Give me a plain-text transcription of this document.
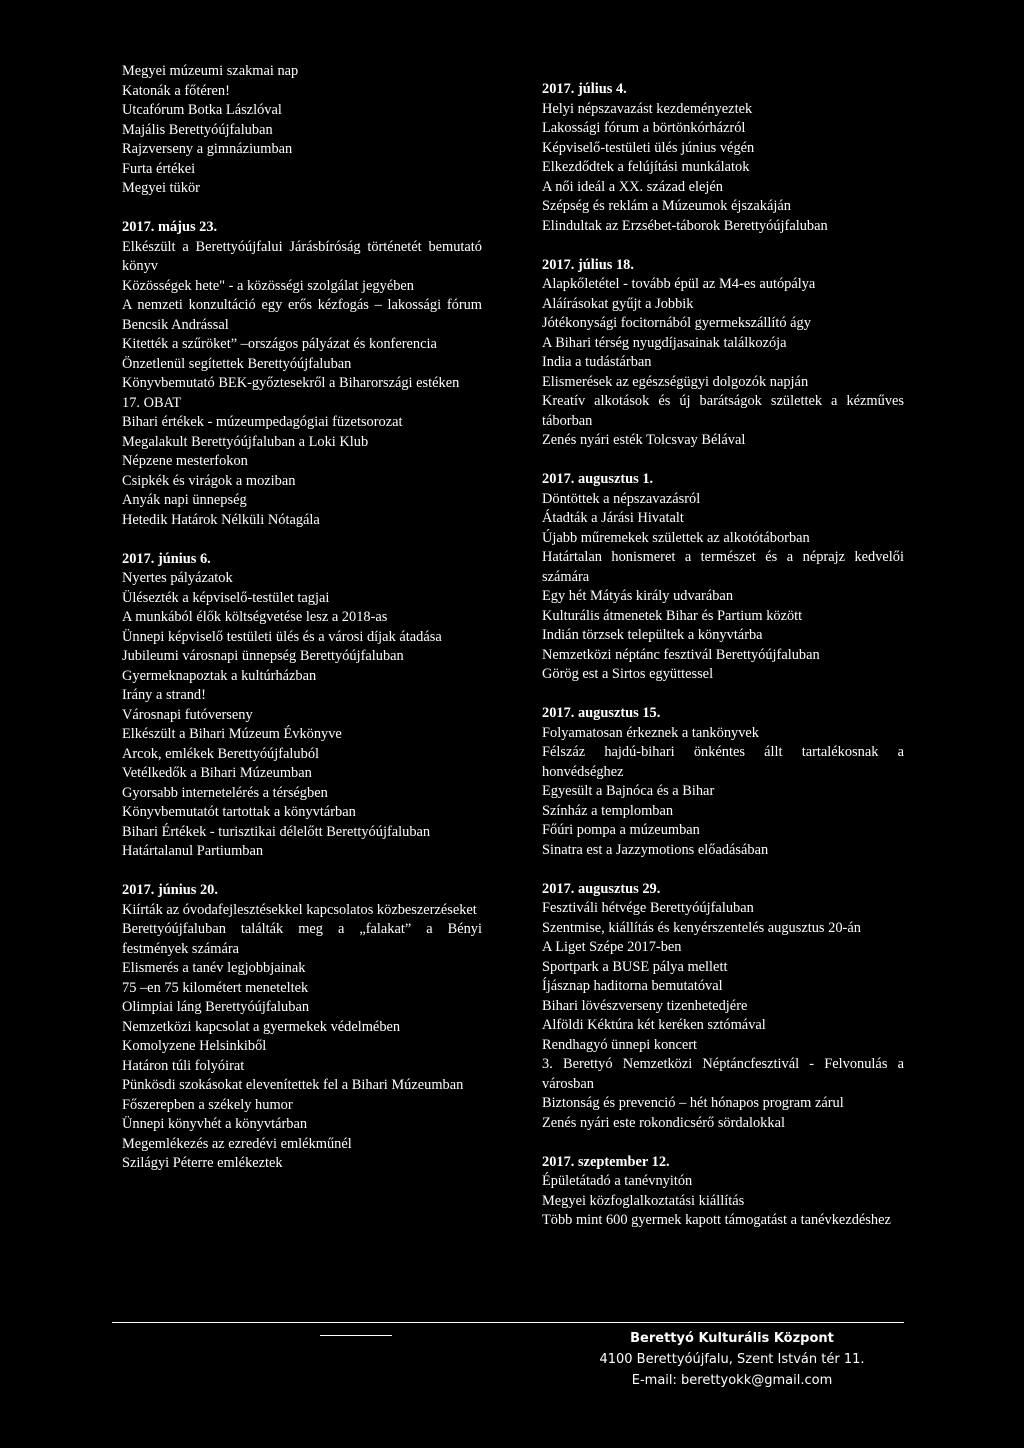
Megyei múzeumi szakmai nap
Katonák a főtéren!
Utcafórum Botka Lászlóval
Majális Berettyóújfaluban
Rajzverseny a gimnáziumban
Furta értékei
Megyei tükör
2017. május 23.
Elkészült a Berettyóújfalui Járásbíróság történetét bemutató könyv
Közösségek hete" - a közösségi szolgálat jegyében
A nemzeti konzultáció egy erős kézfogás – lakossági fórum Bencsik Andrással
Kitették a szűröket” –országos pályázat és konferencia
Önzetlenül segítettek Berettyóújfaluban
Könyvbemutató BEK-győztesekről a Biharországi estéken
17. OBAT
Bihari értékek - múzeumpedagógiai füzetsorozat
Megalakult Berettyóújfaluban a Loki Klub
Népzene mesterfokon
Csipkék és virágok a moziban
Anyák napi ünnepség
Hetedik Határok Nélküli Nótagála
2017. június 6.
Nyertes pályázatok
Ülésezték a képviselő-testület tagjai
A munkából élők költségvetése lesz a 2018-as
Ünnepi képviselő testületi ülés és a városi díjak átadása
Jubileumi városnapi ünnepség Berettyóújfaluban
Gyermeknapoztak a kultúrházban
Irány a strand!
Városnapi futóverseny
Elkészült a Bihari Múzeum Évkönyve
Arcok, emlékek Berettyóújfaluból
Vetélkedők a Bihari Múzeumban
Gyorsabb internetelérés a térségben
Könyvbemutatót tartottak a könyvtárban
Bihari Értékek - turisztikai délelőtt Berettyóújfaluban
Határtalanul Partiumban
2017. június 20.
Kiírták az óvodafejlesztésekkel kapcsolatos közbeszerzéseket
Berettyóújfaluban találták meg a „falakat” a Bényi festmények számára
Elismerés a tanév legjobbjainak
75 –en 75 kilométert meneteltek
Olimpiai láng Berettyóújfaluban
Nemzetközi kapcsolat a gyermekek védelmében
Komolyzene Helsinkiből
Határon túli folyóirat
Pünkösdi szokásokat elevenítettek fel a Bihari Múzeumban
Főszerepben a székely humor
Ünnepi könyvhét a könyvtárban
Megemlékezés az ezredévi emlékműnél
Szilágyi Péterre emlékeztek
2017. július 4.
Helyi népszavazást kezdeményeztek
Lakossági fórum a börtönkórházról
Képviselő-testületi ülés június végén
Elkezdődtek a felújítási munkálatok
A női ideál a XX. század elején
Szépség és reklám a Múzeumok éjszakáján
Elindultak az Erzsébet-táborok Berettyóújfaluban
2017. július 18.
Alapkőletétel - tovább épül az M4-es autópálya
Aláírásokat gyűjt a Jobbik
Jótékonysági focitornából gyermekszállító ágy
A Bihari térség nyugdíjasainak találkozója
India a tudástárban
Elismerések az egészségügyi dolgozók napján
Kreatív alkotások és új barátságok születtek a kézműves táborban
Zenés nyári esték Tolcsvay Bélával
2017. augusztus 1.
Döntöttek a népszavazásról
Átadták a Járási Hivatalt
Újabb műremekek születtek az alkotótáborban
Határtalan honismeret a természet és a néprajz kedvelői számára
Egy hét Mátyás király udvarában
Kulturális átmenetek Bihar és Partium között
Indián törzsek települtek a könyvtárba
Nemzetközi néptánc fesztivál Berettyóújfaluban
Görög est a Sirtos együttessel
2017. augusztus 15.
Folyamatosan érkeznek a tankönyvek
Félszáz hajdú-bihari önkéntes állt tartalékosnak a honvédséghez
Egyesült a Bajnócа és a Bihar
Színház a templomban
Főúri pompa a múzeumban
Sinatra est a Jazzymotions előadásában
2017. augusztus 29.
Fesztiváli hétvége Berettyóújfaluban
Szentmise, kiállítás és kenyérszentelés augusztus 20-án
A Liget Szépe 2017-ben
Sportpark a BUSE pálya mellett
Íjásznap haditorna bemutatóval
Bihari lövészverseny tizenhetedjére
Alföldi Kéktúra két keréken sztómával
Rendhagyó ünnepi koncert
3. Berettyó Nemzetközi Néptáncfesztivál - Felvonulás a városban
Biztonság és prevenció – hét hónapos program zárul
Zenés nyári este rokondicsérő sördalokkal
2017. szeptember 12.
Épületátadó a tanévnyitón
Megyei közfoglalkoztatási kiállítás
Több mint 600 gyermek kapott támogatást a tanévkezdéshez
Berettyó Kulturális Központ
4100 Berettyóújfalu, Szent István tér 11.
E-mail: berettyokk@gmail.com
